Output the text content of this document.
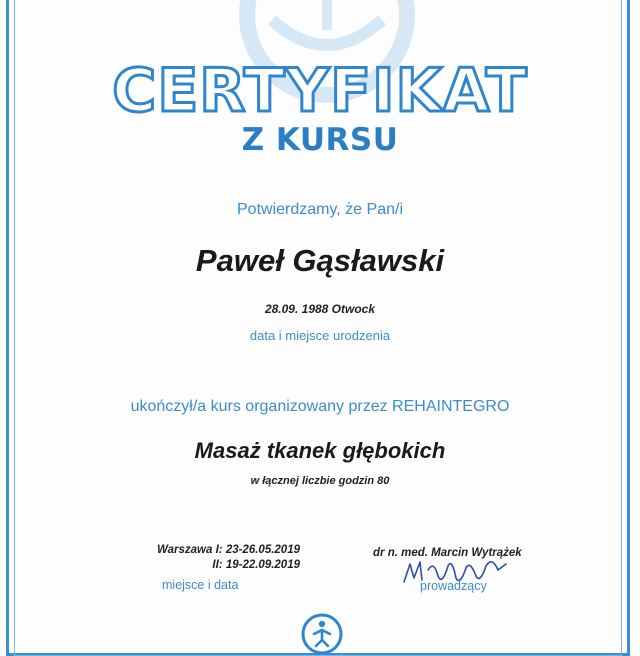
CERTYFIKAT
Z KURSU
Potwierdzamy, że Pan/i
Paweł Gąsławski
28.09. 1988 Otwock
data i miejsce urodzenia
ukończył/a kurs organizowany przez REHAINTEGRO
Masaż tkanek głębokich
w łącznej liczbie godzin 80
Warszawa I: 23-26.05.2019
II: 19-22.09.2019
miejsce i data
dr n. med. Marcin Wytrążek
prowadzący
